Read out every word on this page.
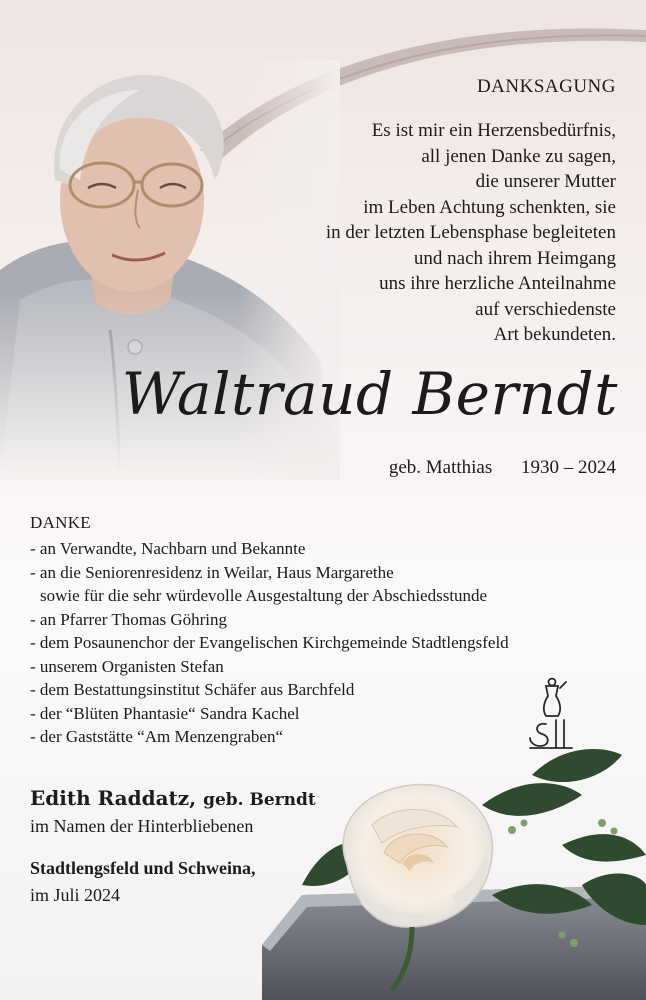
DANKSAGUNG
Es ist mir ein Herzensbedürfnis,
all jenen Danke zu sagen,
die unserer Mutter
im Leben Achtung schenkten, sie
in der letzten Lebensphase begleiteten
und nach ihrem Heimgang
uns ihre herzliche Anteilnahme
auf verschiedenste
Art bekundeten.
Waltraud Berndt
geb. Matthias 1930 – 2024
DANKE
- an Verwandte, Nachbarn und Bekannte
- an die Seniorenresidenz in Weilar, Haus Margarethe
sowie für die sehr würdevolle Ausgestaltung der Abschiedsstunde
- an Pfarrer Thomas Göhring
- dem Posaunenchor der Evangelischen Kirchgemeinde Stadtlengsfeld
- unserem Organisten Stefan
- dem Bestattungsinstitut Schäfer aus Barchfeld
- der “Blüten Phantasie“ Sandra Kachel
- der Gaststätte “Am Menzengraben“
Edith Raddatz, geb. Berndt
im Namen der Hinterbliebenen
Stadtlengsfeld und Schweina,
im Juli 2024
